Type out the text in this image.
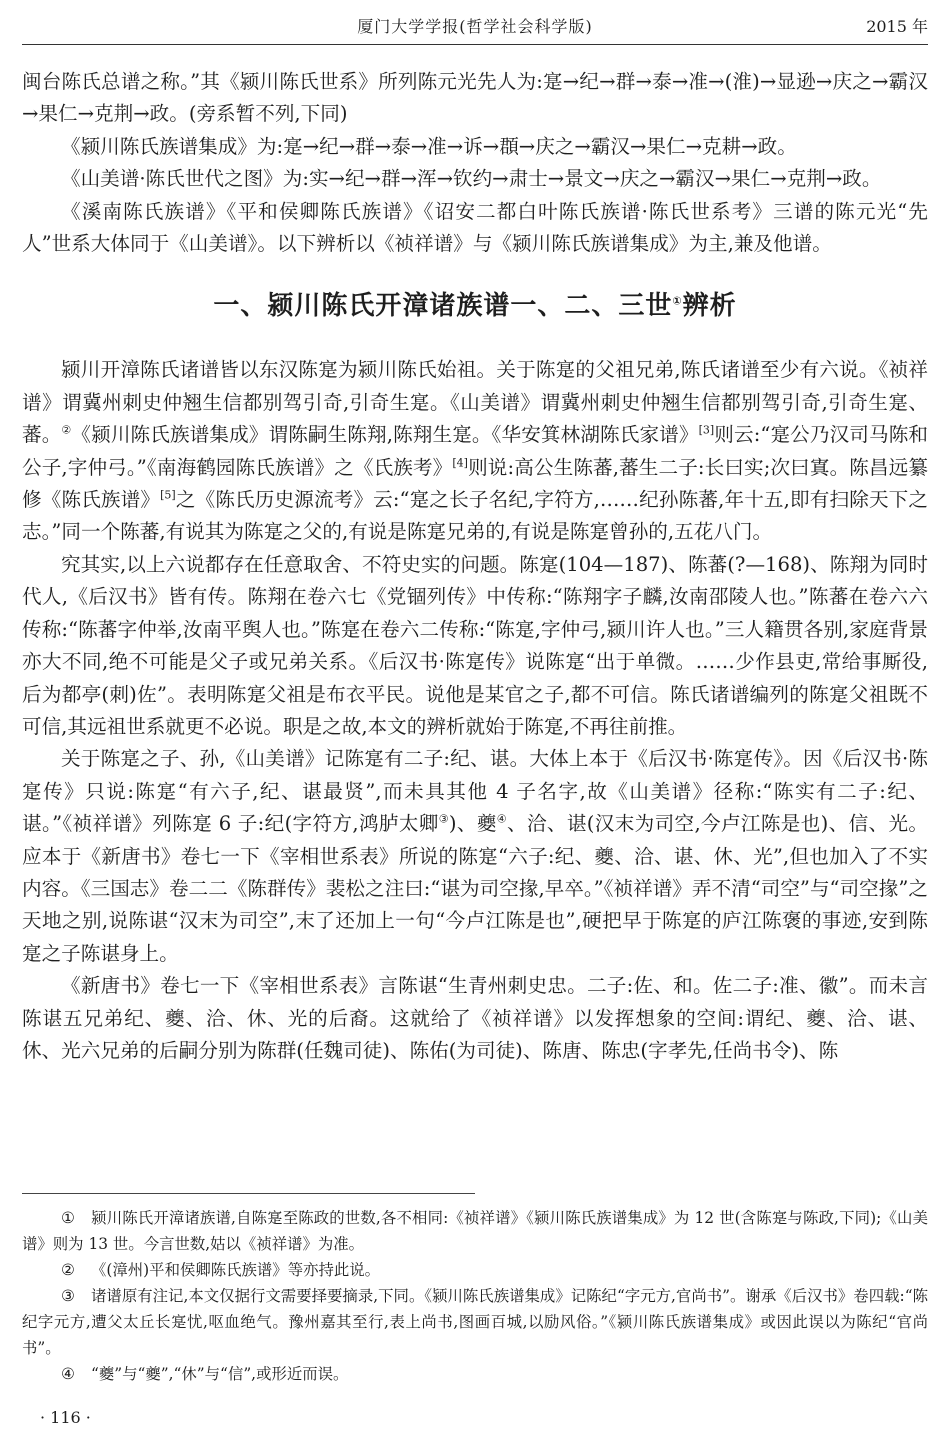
厦门大学学报(哲学社会科学版)	2015 年

闽台陈氏总谱之称。”其《颍川陈氏世系》所列陈元光先人为:寔→纪→群→泰→准→(淮)→显逊→庆之→霸汉→果仁→克荆→政。(旁系暂不列,下同)

《颍川陈氏族谱集成》为:寔→纪→群→泰→准→诉→頵→庆之→霸汉→果仁→克耕→政。

《山美谱·陈氏世代之图》为:实→纪→群→浑→钦约→肃士→景文→庆之→霸汉→果仁→克荆→政。

《溪南陈氏族谱》《平和侯卿陈氏族谱》《诏安二都白叶陈氏族谱·陈氏世系考》三谱的陈元光“先人”世系大体同于《山美谱》。以下辨析以《祯祥谱》与《颍川陈氏族谱集成》为主,兼及他谱。

一、颍川陈氏开漳诸族谱一、二、三世①辨析

颍川开漳陈氏诸谱皆以东汉陈寔为颍川陈氏始祖。关于陈寔的父祖兄弟,陈氏诸谱至少有六说。《祯祥谱》谓冀州刺史仲翘生信都别驾引奇,引奇生寔。《山美谱》谓冀州刺史仲翘生信都别驾引奇,引奇生寔、蕃。②《颍川陈氏族谱集成》谓陈嗣生陈翔,陈翔生寔。《华安箕林湖陈氏家谱》[3]则云:“寔公乃汉司马陈和公子,字仲弓。”《南海鹤园陈氏族谱》之《氏族考》[4]则说:高公生陈蕃,蕃生二子:长曰实;次曰寘。陈昌远纂修《陈氏族谱》[5]之《陈氏历史源流考》云:“寔之长子名纪,字符方,……纪孙陈蕃,年十五,即有扫除天下之志。”同一个陈蕃,有说其为陈寔之父的,有说是陈寔兄弟的,有说是陈寔曾孙的,五花八门。

究其实,以上六说都存在任意取舍、不符史实的问题。陈寔(104—187)、陈蕃(?—168)、陈翔为同时代人,《后汉书》皆有传。陈翔在卷六七《党锢列传》中传称:“陈翔字子麟,汝南邵陵人也。”陈蕃在卷六六传称:“陈蕃字仲举,汝南平舆人也。”陈寔在卷六二传称:“陈寔,字仲弓,颍川许人也。”三人籍贯各别,家庭背景亦大不同,绝不可能是父子或兄弟关系。《后汉书·陈寔传》说陈寔“出于单微。……少作县吏,常给事厮役,后为都亭(刺)佐”。表明陈寔父祖是布衣平民。说他是某官之子,都不可信。陈氏诸谱编列的陈寔父祖既不可信,其远祖世系就更不必说。职是之故,本文的辨析就始于陈寔,不再往前推。

关于陈寔之子、孙,《山美谱》记陈寔有二子:纪、谌。大体上本于《后汉书·陈寔传》。因《后汉书·陈寔传》只说:陈寔“有六子,纪、谌最贤”,而未具其他 4 子名字,故《山美谱》径称:“陈实有二子:纪、谌。”《祯祥谱》列陈寔 6 子:纪(字符方,鸿胪太卿③)、夔④、洽、谌(汉末为司空,今卢江陈是也)、信、光。应本于《新唐书》卷七一下《宰相世系表》所说的陈寔“六子:纪、夔、洽、谌、休、光”,但也加入了不实内容。《三国志》卷二二《陈群传》裴松之注曰:“谌为司空掾,早卒。”《祯祥谱》弄不清“司空”与“司空掾”之天地之别,说陈谌“汉末为司空”,末了还加上一句“今卢江陈是也”,硬把早于陈寔的庐江陈褒的事迹,安到陈寔之子陈谌身上。

《新唐书》卷七一下《宰相世系表》言陈谌“生青州刺史忠。二子:佐、和。佐二子:准、徽”。而未言陈谌五兄弟纪、夔、洽、休、光的后裔。这就给了《祯祥谱》以发挥想象的空间:谓纪、夔、洽、谌、休、光六兄弟的后嗣分别为陈群(任魏司徒)、陈佑(为司徒)、陈唐、陈忠(字孝先,任尚书令)、陈

① 颍川陈氏开漳诸族谱,自陈寔至陈政的世数,各不相同:《祯祥谱》《颍川陈氏族谱集成》为 12 世(含陈寔与陈政,下同);《山美谱》则为 13 世。今言世数,姑以《祯祥谱》为准。

② 《(漳州)平和侯卿陈氏族谱》等亦持此说。

③ 诸谱原有注记,本文仅据行文需要择要摘录,下同。《颍川陈氏族谱集成》记陈纪“字元方,官尚书”。谢承《后汉书》卷四载:“陈纪字元方,遭父太丘长寔忧,呕血绝气。豫州嘉其至行,表上尚书,图画百城,以励风俗。”《颍川陈氏族谱集成》或因此误以为陈纪“官尚书”。

④ “夔”与“夔”,“休”与“信”,或形近而误。

· 116 ·
